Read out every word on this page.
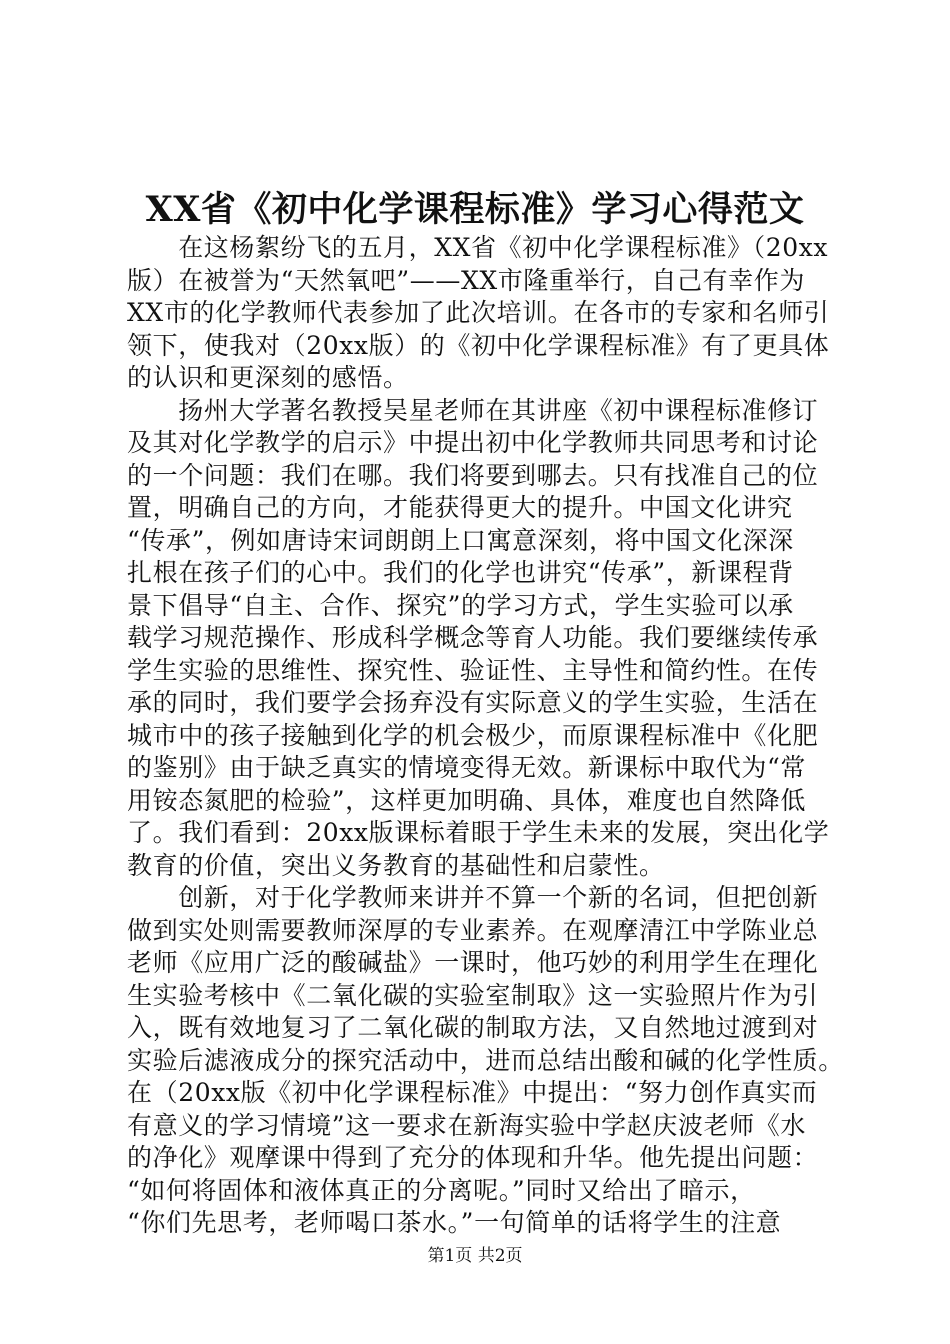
XX省《初中化学课程标准》学习心得范文
　　在这杨絮纷飞的五月，XX省《初中化学课程标准》（20xx
版）在被誉为“天然氧吧”——XX市隆重举行，自己有幸作为
XX市的化学教师代表参加了此次培训。在各市的专家和名师引
领下，使我对（20xx版）的《初中化学课程标准》有了更具体
的认识和更深刻的感悟。
　　扬州大学著名教授吴星老师在其讲座《初中课程标准修订
及其对化学教学的启示》中提出初中化学教师共同思考和讨论
的一个问题：我们在哪。我们将要到哪去。只有找准自己的位
置，明确自己的方向，才能获得更大的提升。中国文化讲究
“传承”，例如唐诗宋词朗朗上口寓意深刻，将中国文化深深
扎根在孩子们的心中。我们的化学也讲究“传承”，新课程背
景下倡导“自主、合作、探究”的学习方式，学生实验可以承
载学习规范操作、形成科学概念等育人功能。我们要继续传承
学生实验的思维性、探究性、验证性、主导性和简约性。在传
承的同时，我们要学会扬弃没有实际意义的学生实验，生活在
城市中的孩子接触到化学的机会极少，而原课程标准中《化肥
的鉴别》由于缺乏真实的情境变得无效。新课标中取代为“常
用铵态氮肥的检验”，这样更加明确、具体，难度也自然降低
了。我们看到：20xx版课标着眼于学生未来的发展，突出化学
教育的价值，突出义务教育的基础性和启蒙性。
　　创新，对于化学教师来讲并不算一个新的名词，但把创新
做到实处则需要教师深厚的专业素养。在观摩清江中学陈业总
老师《应用广泛的酸碱盐》一课时，他巧妙的利用学生在理化
生实验考核中《二氧化碳的实验室制取》这一实验照片作为引
入，既有效地复习了二氧化碳的制取方法，又自然地过渡到对
实验后滤液成分的探究活动中，进而总结出酸和碱的化学性质。
在（20xx版《初中化学课程标准》中提出：“努力创作真实而
有意义的学习情境”这一要求在新海实验中学赵庆波老师《水
的净化》观摩课中得到了充分的体现和升华。他先提出问题：
“如何将固体和液体真正的分离呢。”同时又给出了暗示，
“你们先思考，老师喝口茶水。”一句简单的话将学生的注意
第1页 共2页
